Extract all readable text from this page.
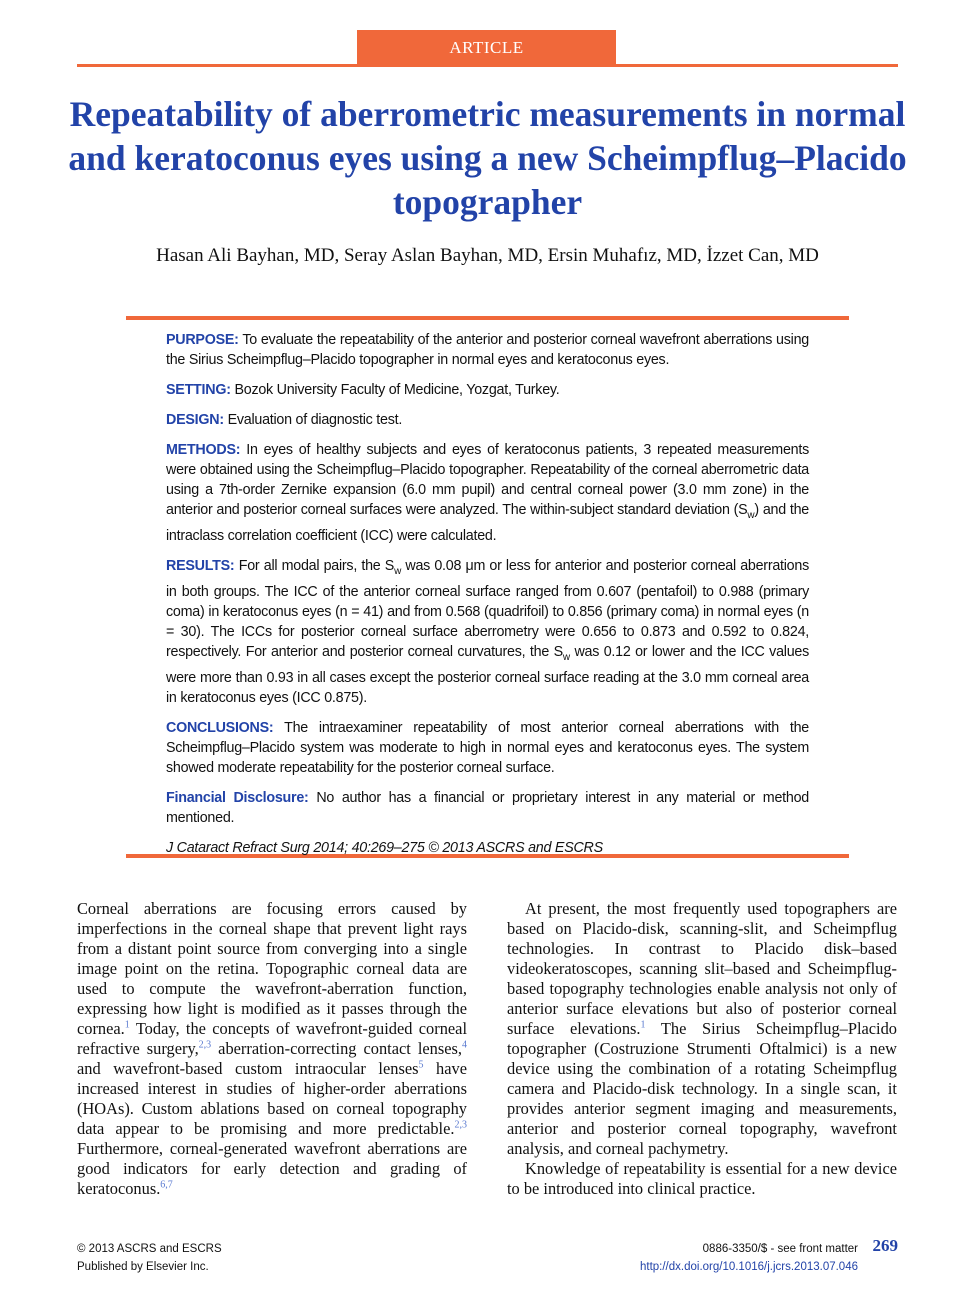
ARTICLE
Repeatability of aberrometric measurements in normal and keratoconus eyes using a new Scheimpflug–Placido topographer
Hasan Ali Bayhan, MD, Seray Aslan Bayhan, MD, Ersin Muhafız, MD, İzzet Can, MD

PURPOSE: To evaluate the repeatability of the anterior and posterior corneal wavefront aberrations using the Sirius Scheimpflug–Placido topographer in normal eyes and keratoconus eyes.

SETTING: Bozok University Faculty of Medicine, Yozgat, Turkey.

DESIGN: Evaluation of diagnostic test.

METHODS: In eyes of healthy subjects and eyes of keratoconus patients, 3 repeated measurements were obtained using the Scheimpflug–Placido topographer. Repeatability of the corneal aberrometric data using a 7th-order Zernike expansion (6.0 mm pupil) and central corneal power (3.0 mm zone) in the anterior and posterior corneal surfaces were analyzed. The within-subject standard deviation $(S_w)$ and the intraclass correlation coefficient (ICC) were calculated.

RESULTS: For all modal pairs, the $S_w$ was 0.08 μm or less for anterior and posterior corneal aberrations in both groups. The ICC of the anterior corneal surface ranged from 0.607 (pentafoil) to 0.988 (primary coma) in keratoconus eyes (n = 41) and from 0.568 (quadrifoil) to 0.856 (primary coma) in normal eyes (n = 30). The ICCs for posterior corneal surface aberrometry were 0.656 to 0.873 and 0.592 to 0.824, respectively. For anterior and posterior corneal curvatures, the $S_w$ was 0.12 or lower and the ICC values were more than 0.93 in all cases except the posterior corneal surface reading at the 3.0 mm corneal area in keratoconus eyes (ICC 0.875).

CONCLUSIONS: The intraexaminer repeatability of most anterior corneal aberrations with the Scheimpflug–Placido system was moderate to high in normal eyes and keratoconus eyes. The system showed moderate repeatability for the posterior corneal surface.

Financial Disclosure: No author has a financial or proprietary interest in any material or method mentioned.

J Cataract Refract Surg 2014; 40:269–275 © 2013 ASCRS and ESCRS

Corneal aberrations are focusing errors caused by imperfections in the corneal shape that prevent light rays from a distant point source from converging into a single image point on the retina. Topographic corneal data are used to compute the wavefront-aberration function, expressing how light is modified as it passes through the cornea.$^1$ Today, the concepts of wavefront-guided corneal refractive surgery,$^{2,3}$ aberration-correcting contact lenses,$^4$ and wavefront-based custom intraocular lenses$^5$ have increased interest in studies of higher-order aberrations (HOAs). Custom ablations based on corneal topography data appear to be promising and more predictable.$^{2,3}$ Furthermore, corneal-generated wavefront aberrations are good indicators for early detection and grading of keratoconus.$^{6,7}$

At present, the most frequently used topographers are based on Placido-disk, scanning-slit, and Scheimpflug technologies. In contrast to Placido disk–based videokeratoscopes, scanning slit–based and Scheimpflug-based topography technologies enable analysis not only of anterior surface elevations but also of posterior corneal surface elevations.$^1$ The Sirius Scheimpflug–Placido topographer (Costruzione Strumenti Oftalmici) is a new device using the combination of a rotating Scheimpflug camera and Placido-disk technology. In a single scan, it provides anterior segment imaging and measurements, anterior and posterior corneal topography, wavefront analysis, and corneal pachymetry.

Knowledge of repeatability is essential for a new device to be introduced into clinical practice.

© 2013 ASCRS and ESCRS
Published by Elsevier Inc.
0886-3350/$ - see front matter
http://dx.doi.org/10.1016/j.jcrs.2013.07.046
269
